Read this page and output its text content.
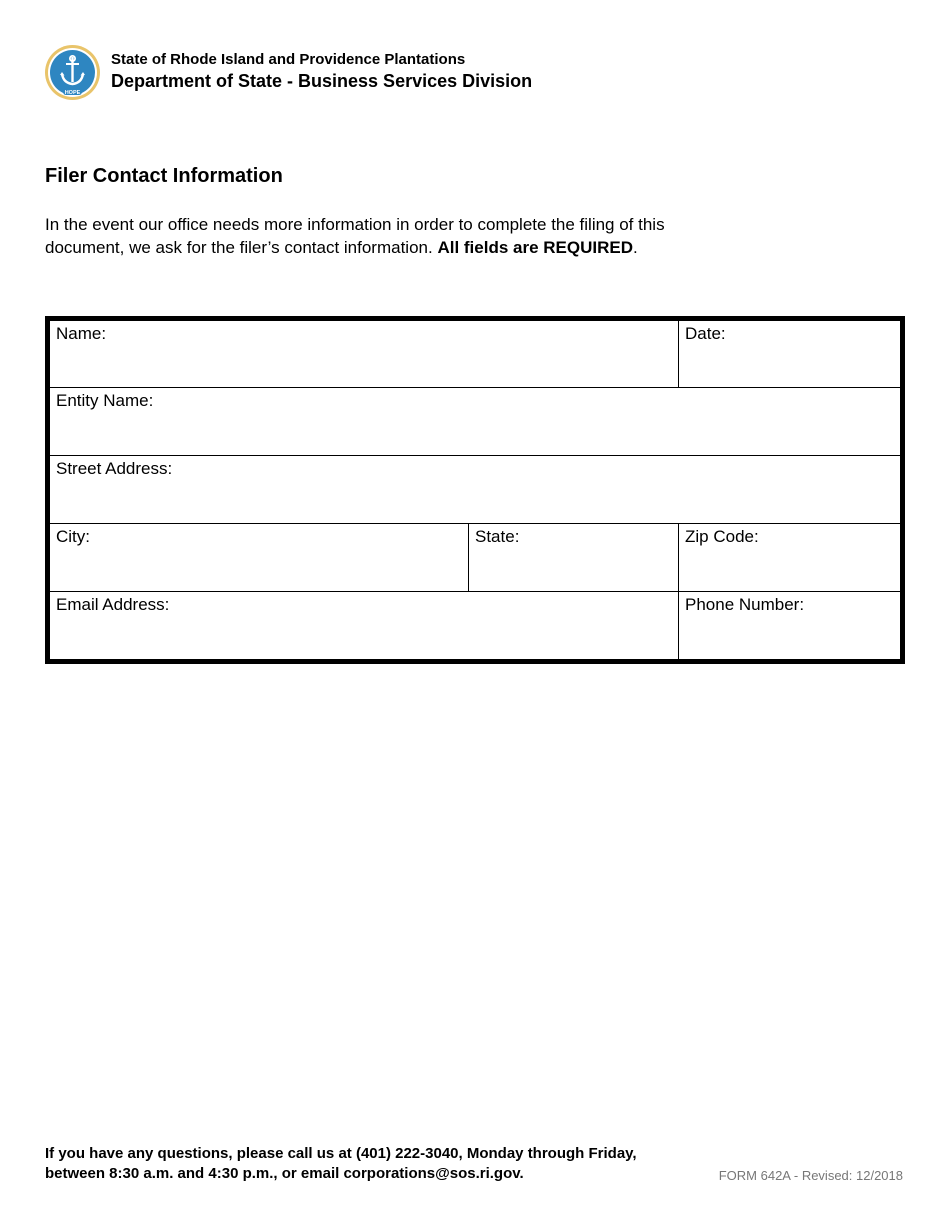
HOPE
State of Rhode Island and Providence Plantations
Department of State - Business Services Division
Filer Contact Information
In the event our office needs more information in order to complete the filing of this
document, we ask for the filer’s contact information. All fields are REQUIRED.
Name:	Date:
Entity Name:
Street Address:
City:	State:	Zip Code:
Email Address:	Phone Number:
If you have any questions, please call us at (401) 222-3040, Monday through Friday,
between 8:30 a.m. and 4:30 p.m., or email corporations@sos.ri.gov.	FORM 642A - Revised: 12/2018
